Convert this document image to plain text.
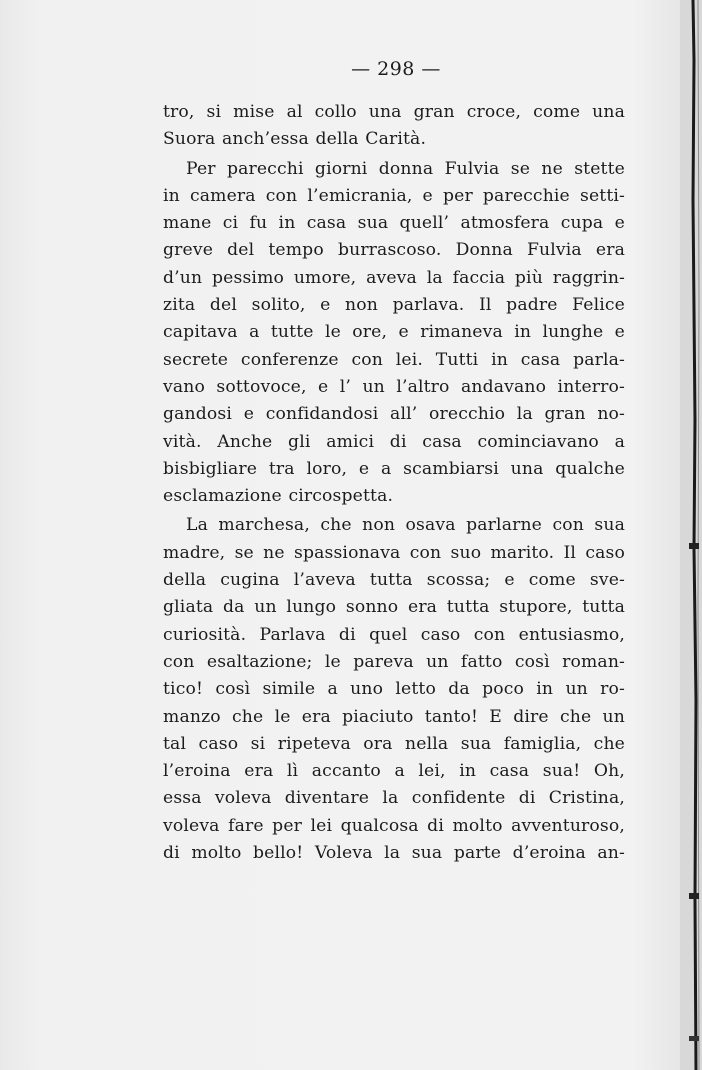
— 298 —
tro, si mise al collo una gran croce, come una
Suora anch’essa della Carità.
Per parecchi giorni donna Fulvia se ne stette
in camera con l’emicrania, e per parecchie setti-
mane ci fu in casa sua quell’ atmosfera cupa e
greve del tempo burrascoso. Donna Fulvia era
d’un pessimo umore, aveva la faccia più raggrin-
zita del solito, e non parlava. Il padre Felice
capitava a tutte le ore, e rimaneva in lunghe e
secrete conferenze con lei. Tutti in casa parla-
vano sottovoce, e l’ un l’altro andavano interro-
gandosi e confidandosi all’ orecchio la gran no-
vità. Anche gli amici di casa cominciavano a
bisbigliare tra loro, e a scambiarsi una qualche
esclamazione circospetta.
La marchesa, che non osava parlarne con sua
madre, se ne spassionava con suo marito. Il caso
della cugina l’aveva tutta scossa; e come sve-
gliata da un lungo sonno era tutta stupore, tutta
curiosità. Parlava di quel caso con entusiasmo,
con esaltazione; le pareva un fatto così roman-
tico! così simile a uno letto da poco in un ro-
manzo che le era piaciuto tanto! E dire che un
tal caso si ripeteva ora nella sua famiglia, che
l’eroina era lì accanto a lei, in casa sua! Oh,
essa voleva diventare la confidente di Cristina,
voleva fare per lei qualcosa di molto avventuroso,
di molto bello! Voleva la sua parte d’eroina an-
